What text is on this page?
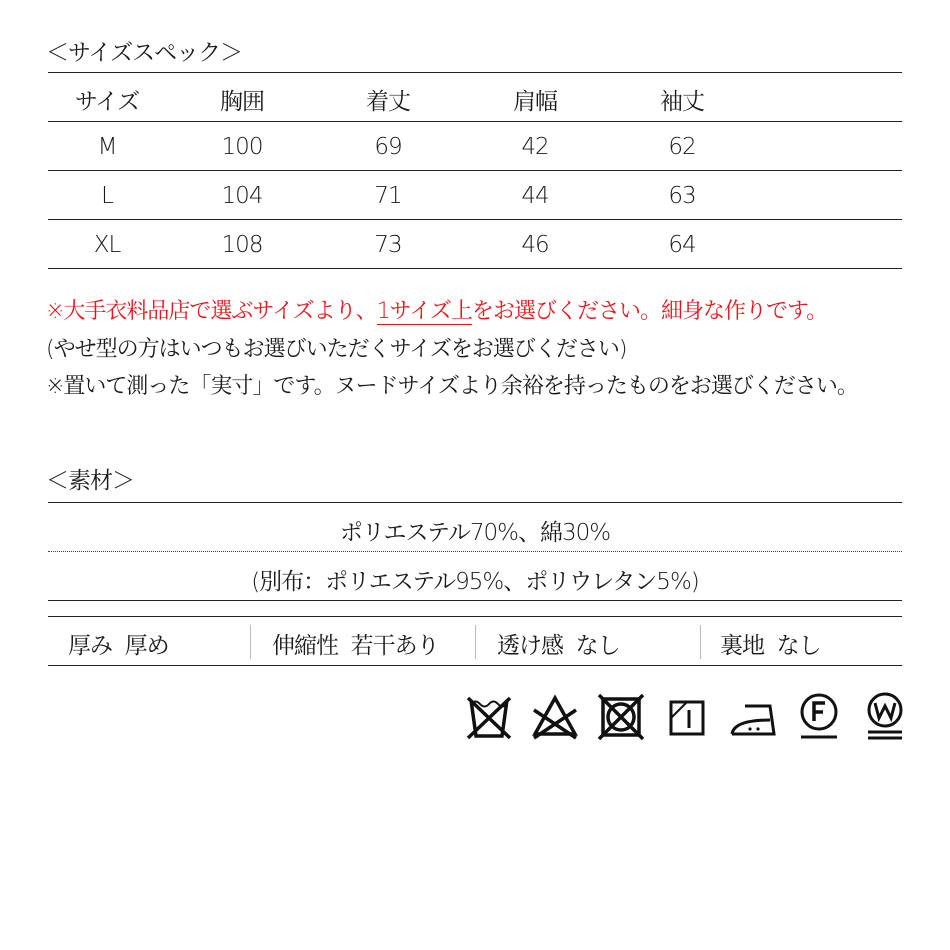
＜サイズスペック＞
サイズ	胸囲	着丈	肩幅	袖丈
M	100	69	42	62
L	104	71	44	63
XL	108	73	46	64
※大手衣料品店で選ぶサイズより、1サイズ上をお選びください。細身な作りです。
(やせ型の方はいつもお選びいただくサイズをお選びください)
※置いて測った「実寸」です。ヌードサイズより余裕を持ったものをお選びください。
＜素材＞
ポリエステル70%、綿30%
(別布：ポリエステル95%、ポリウレタン5%)
厚み 厚め	伸縮性 若干あり	透け感 なし	裏地 なし
